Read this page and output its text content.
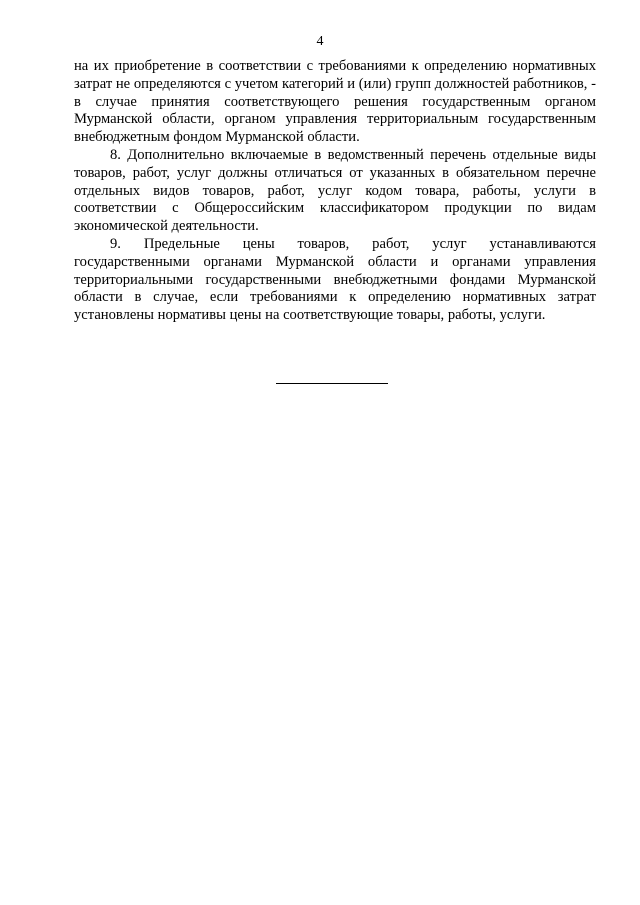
4

на их приобретение в соответствии с требованиями к определению нормативных затрат не определяются с учетом категорий и (или) групп должностей работников, - в случае принятия соответствующего решения государственным органом Мурманской области, органом управления территориальным государственным внебюджетным фондом Мурманской области.

8. Дополнительно включаемые в ведомственный перечень отдельные виды товаров, работ, услуг должны отличаться от указанных в обязательном перечне отдельных видов товаров, работ, услуг кодом товара, работы, услуги в соответствии с Общероссийским классификатором продукции по видам экономической деятельности.

9. Предельные цены товаров, работ, услуг устанавливаются государственными органами Мурманской области и органами управления территориальными государственными внебюджетными фондами Мурманской области в случае, если требованиями к определению нормативных затрат установлены нормативы цены на соответствующие товары, работы, услуги.
